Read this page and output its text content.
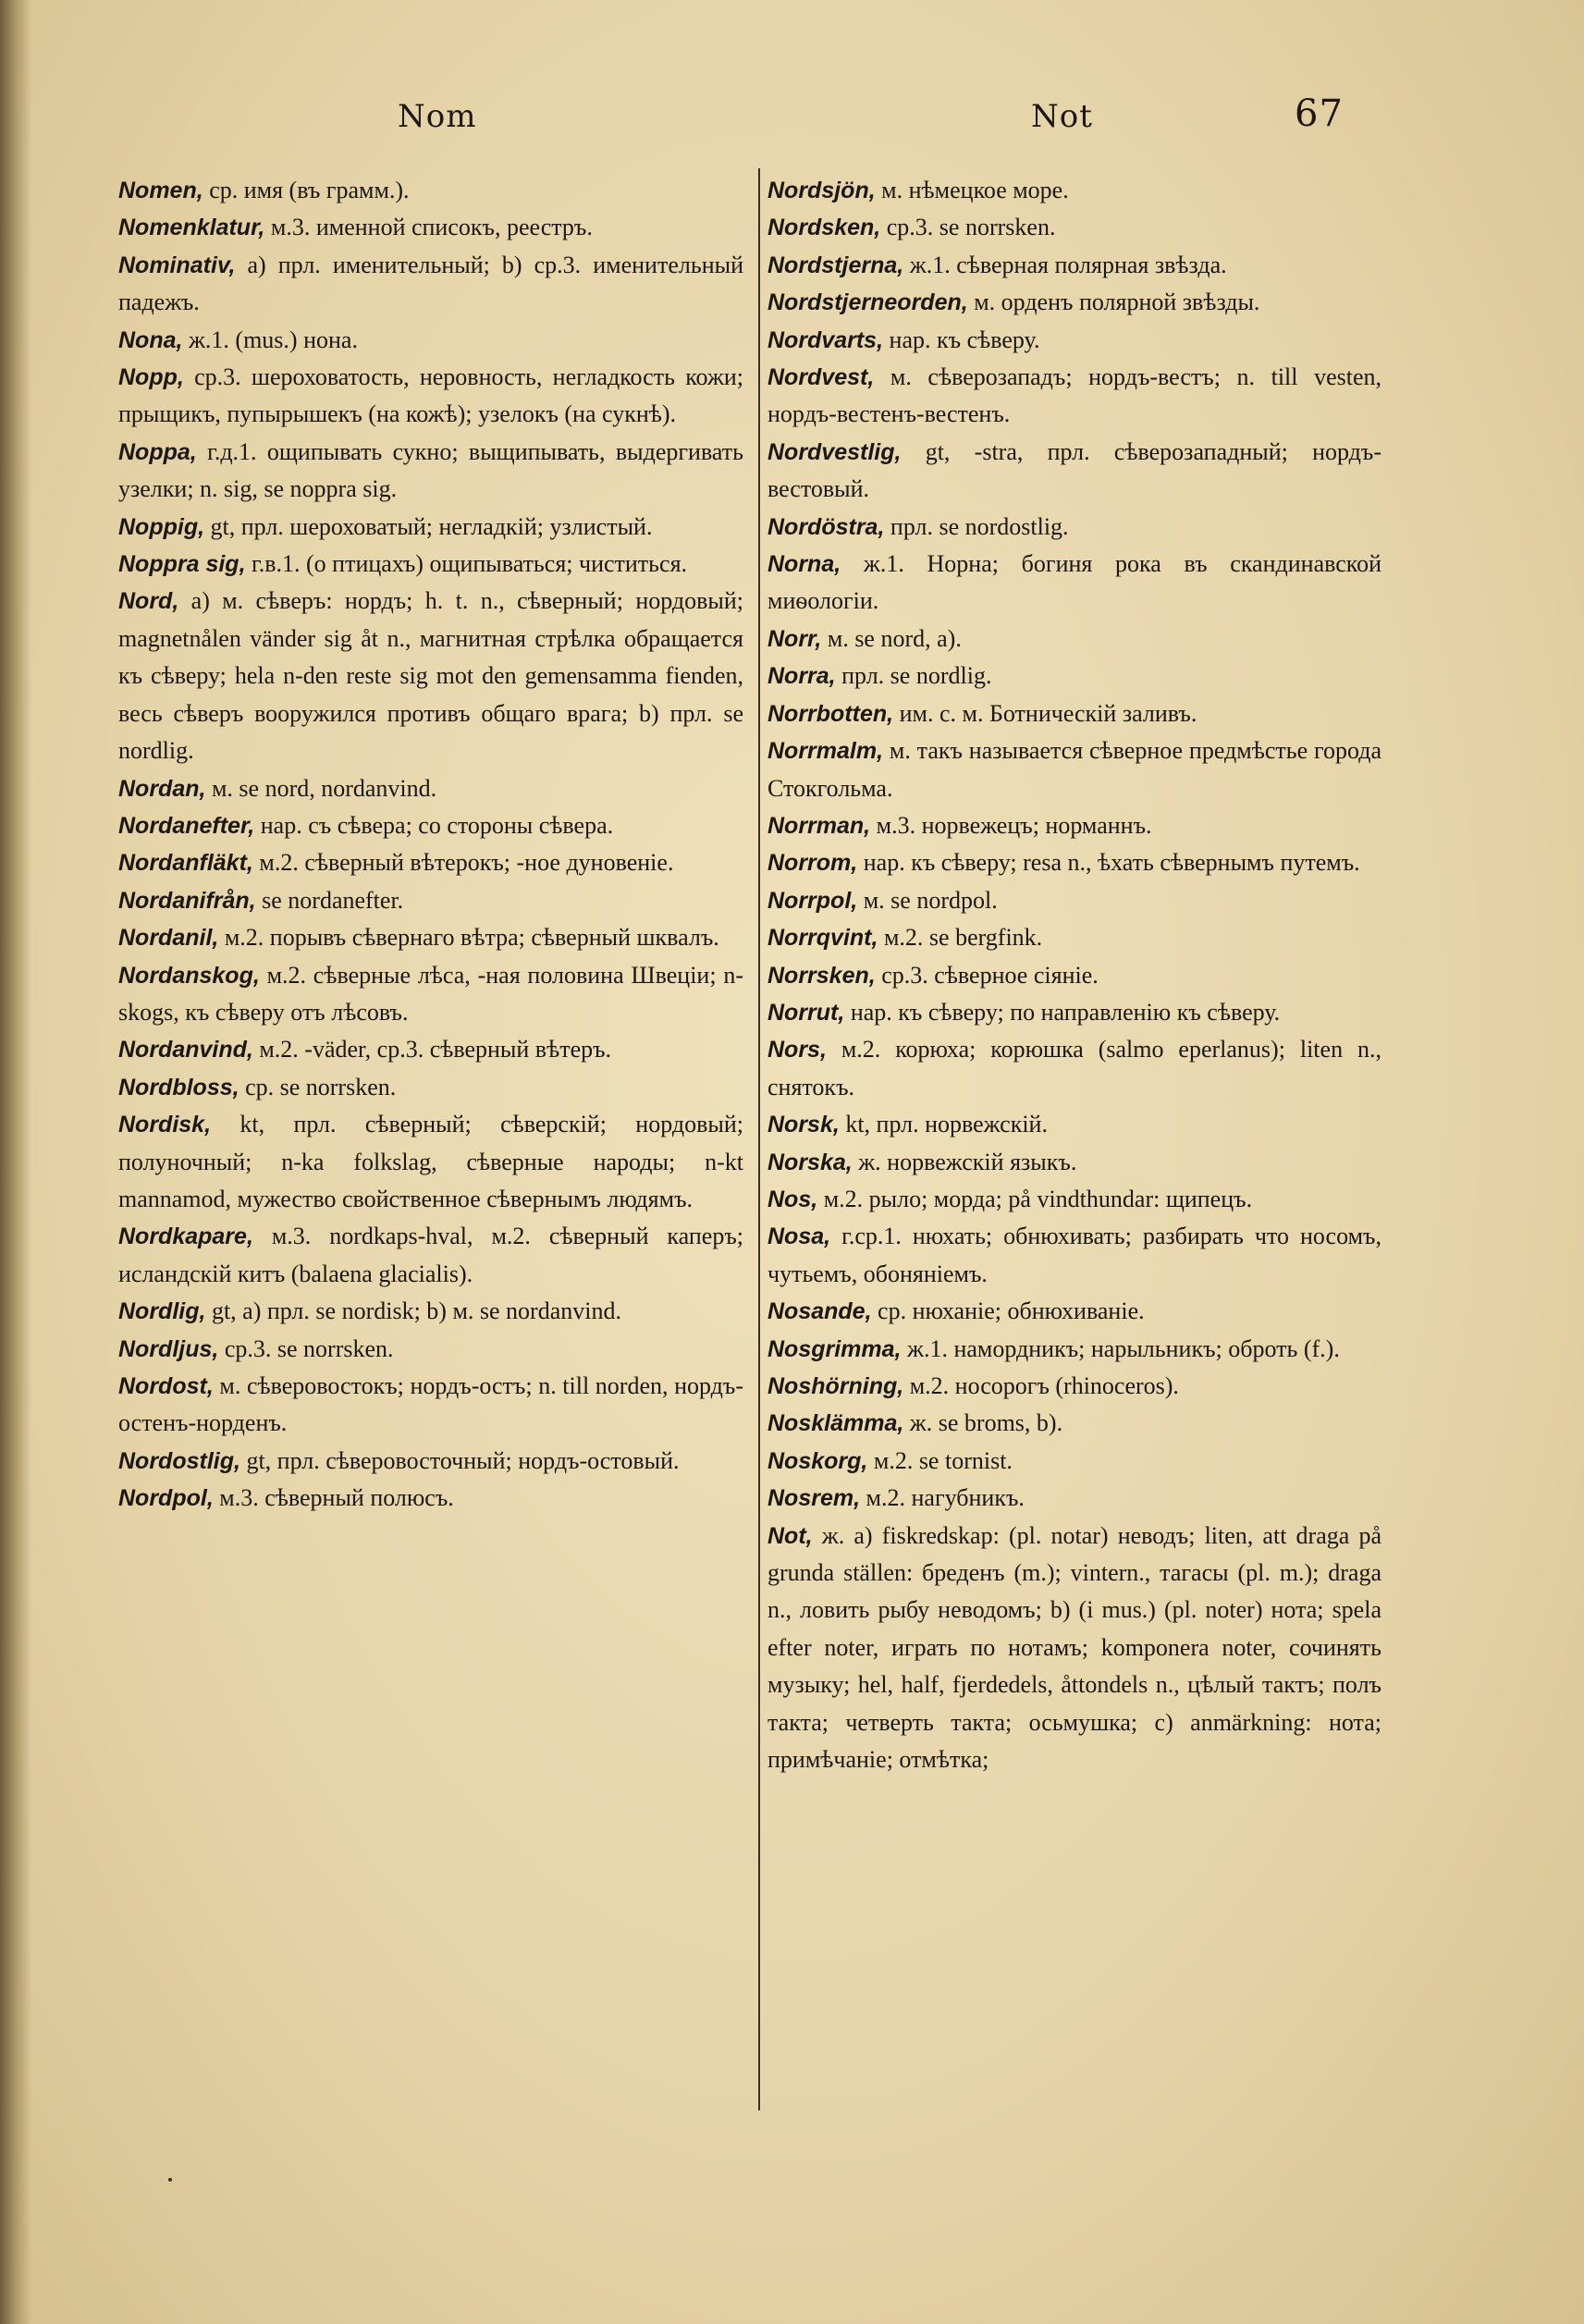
Nom	Not	67

Nomen, ср. имя (въ грамм.).

Nomenklatur, м.3. именной списокъ, реестръ.

Nominativ, a) прл. именительный; b) ср.3. именительный падежъ.

Nona, ж.1. (mus.) нона.

Nopp, ср.3. шероховатость, неровность, негладкость кожи; прыщикъ, пупырышекъ (на кожѣ); узелокъ (на сукнѣ).

Noppa, г.д.1. ощипывать сукно; выщипывать, выдергивать узелки; n. sig, se noppra sig.

Noppig, gt, прл. шероховатый; негладкій; узлистый.

Noppra sig, г.в.1. (о птицахъ) ощипываться; чиститься.

Nord, a) м. сѣверъ: нордъ; h. t. n., сѣверный; нордовый; magnetnålen vänder sig åt n., магнитная стрѣлка обращается къ сѣверу; hela n-den reste sig mot den gemensamma fienden, весь сѣверъ вооружился противъ общаго врага; b) прл. se nordlig.

Nordan, м. se nord, nordanvind.

Nordanefter, нар. съ сѣвера; со стороны сѣвера.

Nordanfläkt, м.2. сѣверный вѣтерокъ; -ное дуновеніе.

Nordanifrån, se nordanefter.

Nordanil, м.2. порывъ сѣвернаго вѣтра; сѣверный шквалъ.

Nordanskog, м.2. сѣверные лѣса, -ная половина Швеціи; n-skogs, къ сѣверу отъ лѣсовъ.

Nordanvind, м.2. -väder, ср.3. сѣверный вѣтеръ.

Nordbloss, ср. se norrsken.

Nordisk, kt, прл. сѣверный; сѣверскій; нордовый; полуночный; n-ka folkslag, сѣверные народы; n-kt mannamod, мужество свойственное сѣвернымъ людямъ.

Nordkapare, м.3. nordkaps-hval, м.2. сѣверный каперъ; исландскій китъ (balaena glacialis).

Nordlig, gt, a) прл. se nordisk; b) м. se nordanvind.

Nordljus, ср.3. se norrsken.

Nordost, м. сѣверовостокъ; нордъ-остъ; n. till norden, нордъ-остенъ-норденъ.

Nordostlig, gt, прл. сѣверовосточный; нордъ-остовый.

Nordpol, м.3. сѣверный полюсъ.

Nordsjön, м. нѣмецкое море.

Nordsken, ср.3. se norrsken.

Nordstjerna, ж.1. сѣверная полярная звѣзда.

Nordstjerneorden, м. орденъ полярной звѣзды.

Nordvarts, нар. къ сѣверу.

Nordvest, м. сѣверозападъ; нордъ-вестъ; n. till vesten, нордъ-вестенъ-вестенъ.

Nordvestlig, gt, -stra, прл. сѣверозападный; нордъ-вестовый.

Nordöstra, прл. se nordostlig.

Norna, ж.1. Норна; богиня рока въ скандинавской миѳологіи.

Norr, м. se nord, a).

Norra, прл. se nordlig.

Norrbotten, им. с. м. Ботническій заливъ.

Norrmalm, м. такъ называется сѣверное предмѣстье города Стокгольма.

Norrman, м.3. норвежецъ; норманнъ.

Norrom, нар. къ сѣверу; resa n., ѣхать сѣвернымъ путемъ.

Norrpol, м. se nordpol.

Norrqvint, м.2. se bergfink.

Norrsken, ср.3. сѣверное сіяніе.

Norrut, нар. къ сѣверу; по направленію къ сѣверу.

Nors, м.2. корюха; корюшка (salmo eperlanus); liten n., снятокъ.

Norsk, kt, прл. норвежскій.

Norska, ж. норвежскій языкъ.

Nos, м.2. рыло; морда; på vindthundar: щипецъ.

Nosa, г.ср.1. нюхать; обнюхивать; разбирать что носомъ, чутьемъ, обоняніемъ.

Nosande, ср. нюханіе; обнюхиваніе.

Nosgrimma, ж.1. намордникъ; нарыльникъ; оброть (f.).

Noshörning, м.2. носорогъ (rhinoceros).

Nosklämma, ж. se broms, b).

Noskorg, м.2. se tornist.

Nosrem, м.2. нагубникъ.

Not, ж. a) fiskredskap: (pl. notar) неводъ; liten, att draga på grunda ställen: бреденъ (m.); vintern., тагасы (pl. m.); draga n., ловить рыбу неводомъ; b) (i mus.) (pl. noter) нота; spela efter noter, играть по нотамъ; komponera noter, сочинять музыку; hel, half, fjerdedels, åttondels n., цѣлый тактъ; полъ такта; четверть такта; осьмушка; c) anmärkning: нота; примѣчаніе; отмѣтка;
